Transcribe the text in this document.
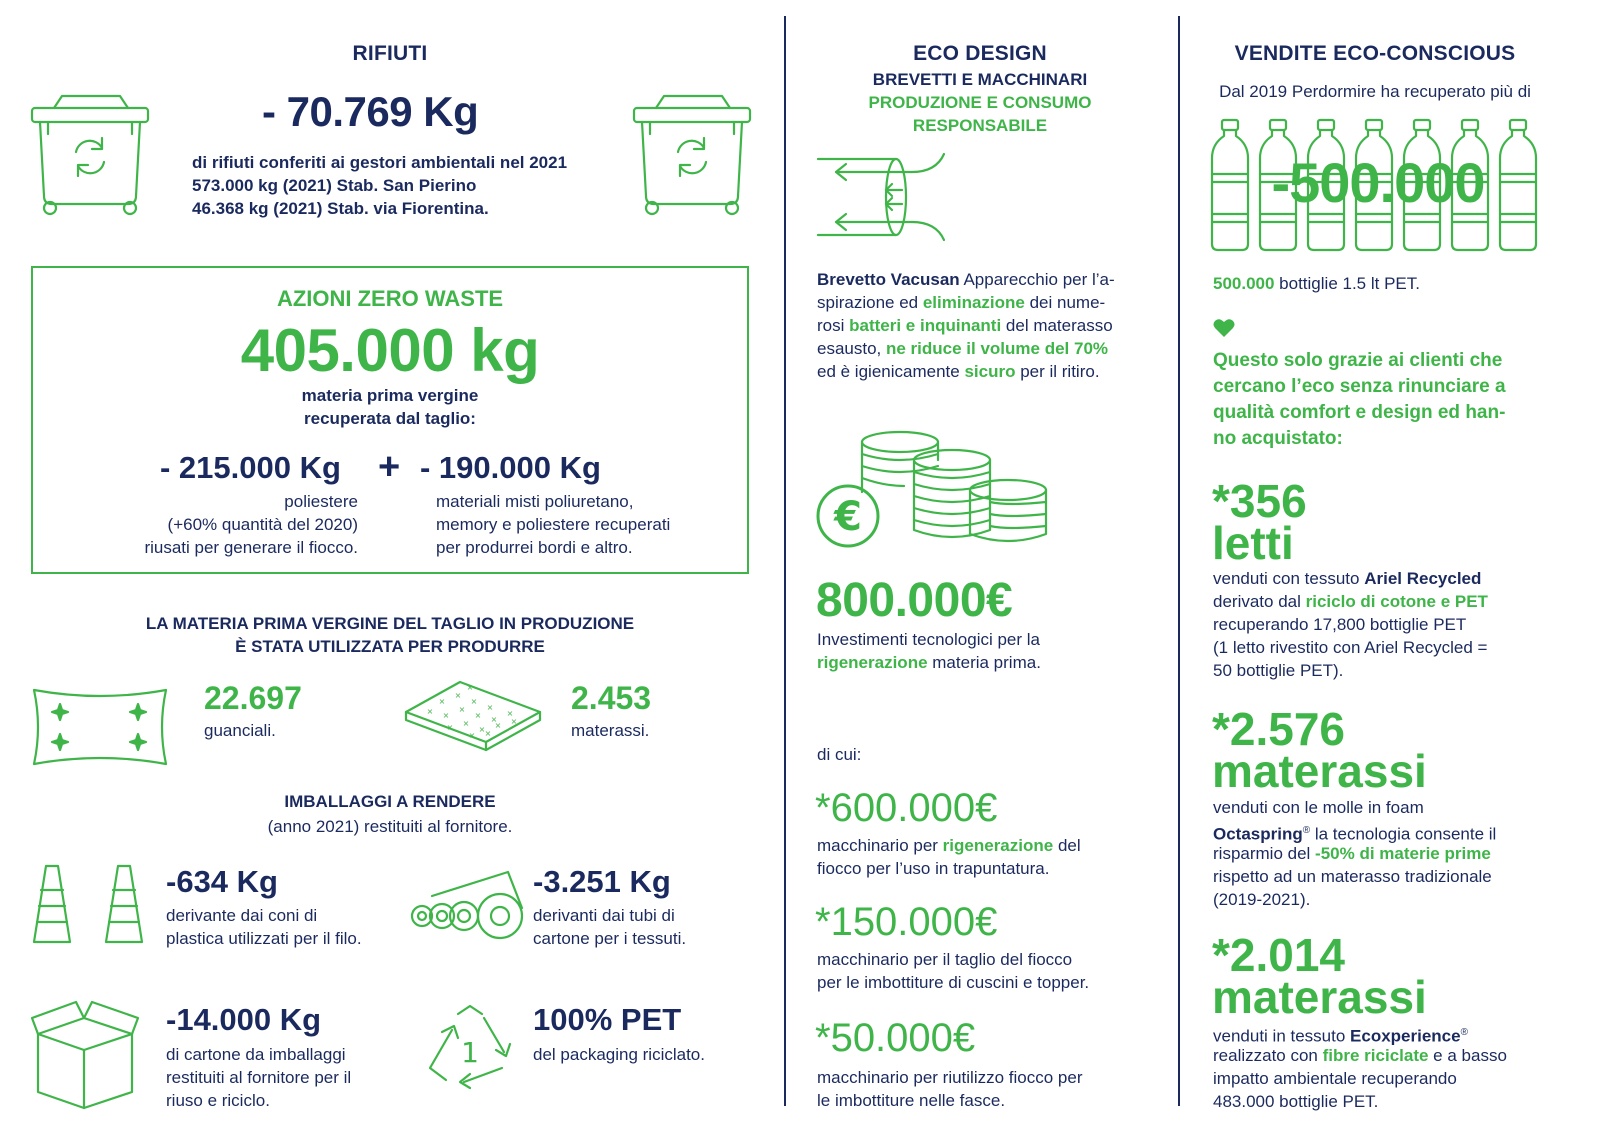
RIFIUTI
- 70.769 Kg
di rifiuti conferiti ai gestori ambientali nel 2021
573.000 kg (2021) Stab. San Pierino
46.368 kg (2021) Stab. via Fiorentina.
AZIONI ZERO WASTE
405.000 kg
materia prima vergine
recuperata dal taglio:
- 215.000 Kg + - 190.000 Kg
poliestere
(+60% quantità del 2020)
riusati per generare il fiocco.
materiali misti poliuretano,
memory e poliestere recuperati
per produrrei bordi e altro.
LA MATERIA PRIMA VERGINE DEL TAGLIO IN PRODUZIONE
È STATA UTILIZZATA PER PRODURRE
22.697
guanciali.
×
×
×
×
× ×
×
× ×
×
× ×
× × ×
× ×
×	2.453
materassi.
IMBALLAGGI A RENDERE
(anno 2021) restituiti al fornitore.
1
-634 Kg
derivante dai coni di
plastica utilizzati per il filo.
-3.251 Kg
derivanti dai tubi di
cartone per i tessuti.
-14.000 Kg
di cartone da imballaggi
restituiti al fornitore per il
riuso e riciclo.
100% PET
del packaging riciclato.
ECO DESIGN
BREVETTI E MACCHINARI
PRODUZIONE E CONSUMO
RESPONSABILE
Brevetto Vacusan Apparecchio per l’a-
spirazione ed eliminazione dei nume-
rosi batteri e inquinanti del materasso
esausto, ne riduce il volume del 70%
ed è igienicamente sicuro per il ritiro.
€
800.000€
Investimenti tecnologici per la
rigenerazione materia prima.
di cui:
*600.000€
macchinario per rigenerazione del
fiocco per l’uso in trapuntatura.
*150.000€
macchinario per il taglio del fiocco
per le imbottiture di cuscini e topper.
*50.000€
macchinario per riutilizzo fiocco per
le imbottiture nelle fasce.
VENDITE ECO-CONSCIOUS
Dal 2019 Perdormire ha recuperato più di
-500.000
500.000 bottiglie 1.5 lt PET.
Questo solo grazie ai clienti che
cercano l’eco senza rinunciare a
qualità comfort e design ed han-
no acquistato:
*356
letti
venduti con tessuto Ariel Recycled
derivato dal riciclo di cotone e PET
recuperando 17,800 bottiglie PET
(1 letto rivestito con Ariel Recycled =
50 bottiglie PET).
*2.576
materassi
venduti con le molle in foam
Octaspring® la tecnologia consente il
risparmio del -50% di materie prime
rispetto ad un materasso tradizionale
(2019-2021).
*2.014
materassi
venduti in tessuto Ecoxperience®
realizzato con fibre riciclate e a basso
impatto ambientale recuperando
483.000 bottiglie PET.
